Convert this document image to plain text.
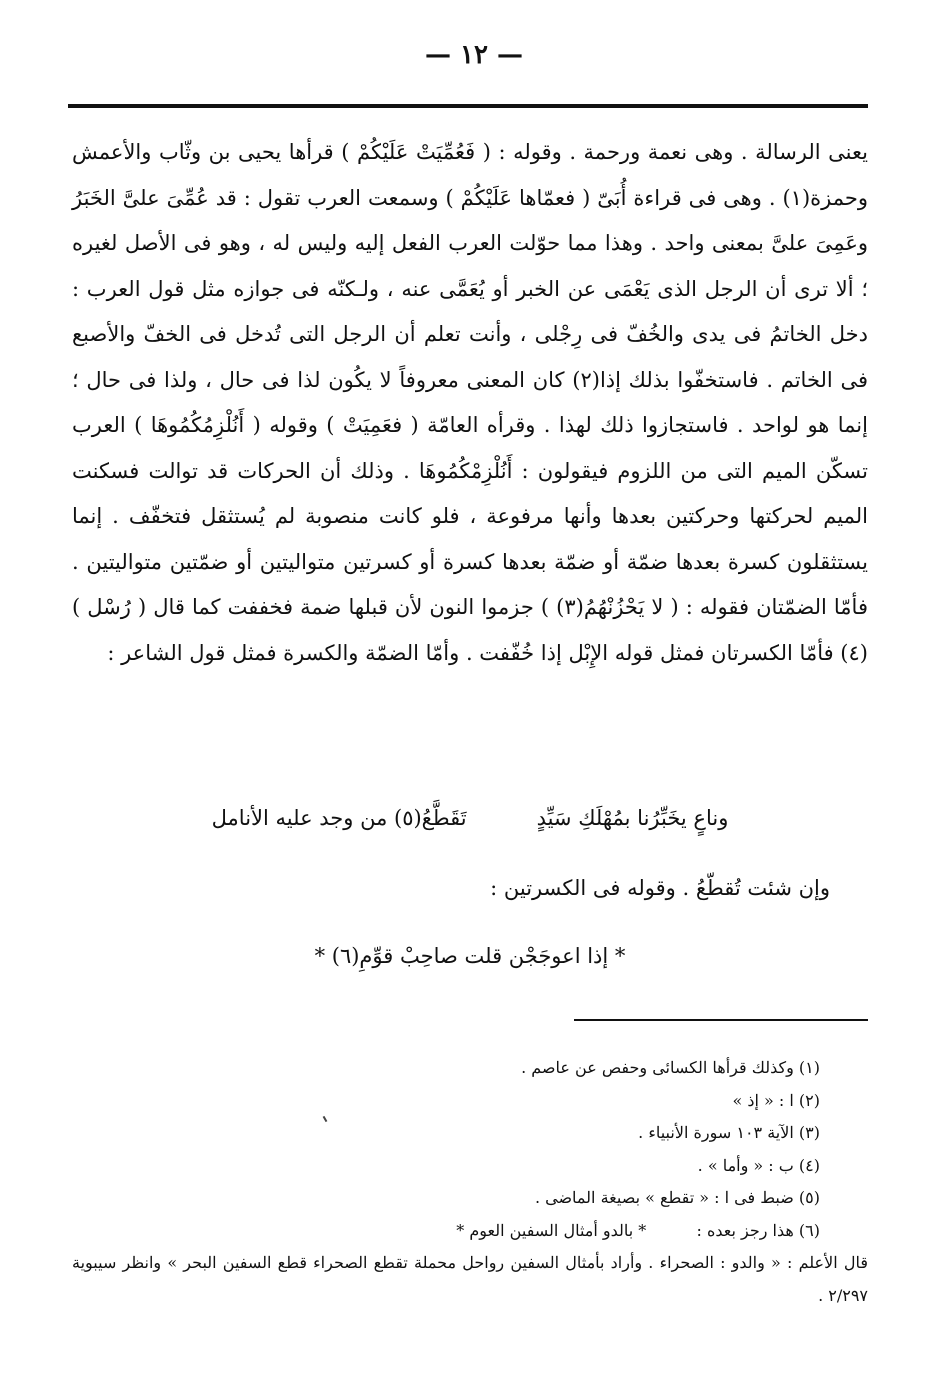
— ١٢ —

يعنى الرسالة . وهى نعمة ورحمة . وقوله : ( فَعُمِّيَتْ عَلَيْكُمْ ) قرأها يحيى بن وثّاب والأعمش وحمزة(١) . وهى فى قراءة أُبَىّ ( فعمّاها عَلَيْكُمْ ) وسمعت العرب تقول : قد عُمِّىَ علىَّ الخَبَرُ وعَمِىَ علىَّ بمعنى واحد . وهذا مما حوّلت العرب الفعل إليه وليس له ، وهو فى الأصل لغيره ؛ ألا ترى أن الرجل الذى يَعْمَى عن الخبر أو يُعَمَّى عنه ، ولـكنّه فى جوازه مثل قول العرب : دخل الخاتمُ فى يدى والخُفّ فى رِجْلى ، وأنت تعلم أن الرجل التى تُدخل فى الخفّ والأصبع فى الخاتم . فاستخفّوا بذلك إذا(٢) كان المعنى معروفاً لا يكُون لذا فى حال ، ولذا فى حال ؛ إنما هو لواحد . فاستجازوا ذلك لهذا . وقرأه العامّة ( فعَمِيَتْ ) وقوله ( أَنُلْزِمُكُمُوهَا ) العرب تسكّن الميم التى من اللزوم فيقولون : أَنُلْزِمْكُمُوهَا . وذلك أن الحركات قد توالت فسكنت الميم لحركتها وحركتين بعدها وأنها مرفوعة ، فلو كانت منصوبة لم يُستثقل فتخفّف . إنما يستثقلون كسرة بعدها ضمّة أو ضمّة بعدها كسرة أو كسرتين متواليتين أو ضمّتين متواليتين . فأمّا الضمّتان فقوله : ( لا يَحْزُنْهُمُ(٣) ) جزموا النون لأن قبلها ضمة فخففت كما قال ( رُسْل )(٤) فأمّا الكسرتان فمثل قوله الإِبْل إذا خُفّفت . وأمّا الضمّة والكسرة فمثل قول الشاعر :

وناعٍ يخَبِّرُنا بمُهْلَكِ سَيِّدٍتَقَطَّعُ(٥) من وجد عليه الأنامل
وإن شئت تُقطّعُ . وقوله فى الكسرتين :
* إذا اعوجَجْن قلت صاحِبْ قوِّمِ(٦) *
(١) وكذلك قرأها الكسائى وحفص عن عاصم .
(٢) ا : « إذ »
(٣) الآية ١٠٣ سورة الأنبياء .
(٤) ب : « وأما » .
(٥) ضبط فى ا : « تقطع » بصيغة الماضى .
(٦) هذا رجز بعده :  * بالدو أمثال السفين العوم *
قال الأعلم : « والدو : الصحراء . وأراد بأمثال السفين رواحل محملة تقطع الصحراء قطع السفين البحر » وانظر سيبوية ٢/٢٩٧ .
